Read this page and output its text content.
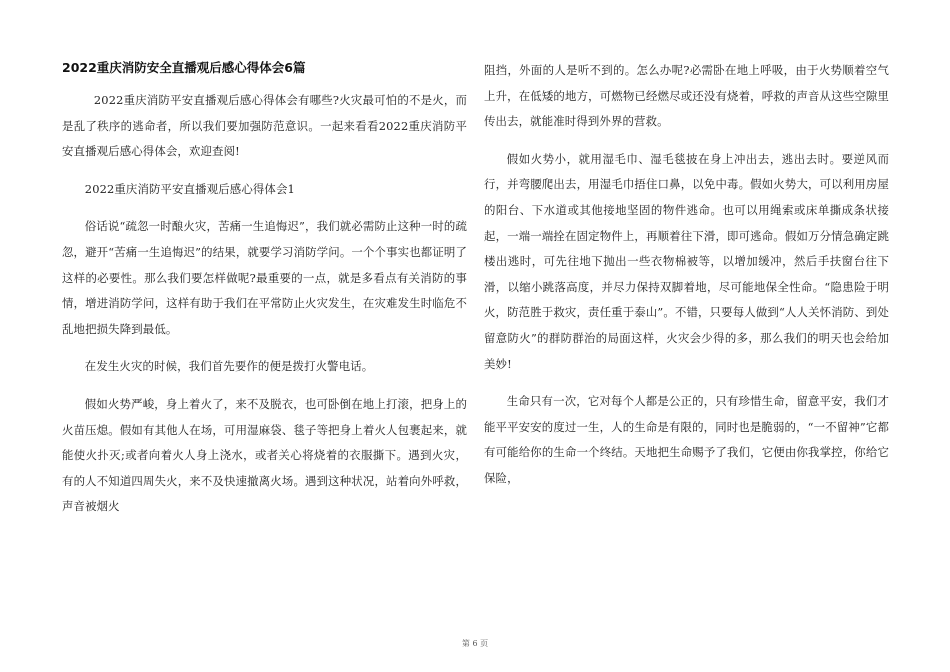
2022重庆消防安全直播观后感心得体会6篇

2022重庆消防平安直播观后感心得体会有哪些?火灾最可怕的不是火，而是乱了秩序的逃命者，所以我们要加强防范意识。一起来看看2022重庆消防平安直播观后感心得体会，欢迎查阅!

2022重庆消防平安直播观后感心得体会1

俗话说“疏忽一时酿火灾，苦痛一生追悔迟”，我们就必需防止这种一时的疏忽，避开“苦痛一生追悔迟”的结果，就要学习消防学问。一个个事实也都证明了这样的必要性。那么我们要怎样做呢?最重要的一点，就是多看点有关消防的事情，增进消防学问，这样有助于我们在平常防止火灾发生，在灾难发生时临危不乱地把损失降到最低。

在发生火灾的时候，我们首先要作的便是拨打火警电话。

假如火势严峻，身上着火了，来不及脱衣，也可卧倒在地上打滚，把身上的火苗压熄。假如有其他人在场，可用湿麻袋、毯子等把身上着火人包裹起来，就能使火扑灭;或者向着火人身上浇水，或者关心将烧着的衣服撕下。遇到火灾，有的人不知道四周失火，来不及快速撤离火场。遇到这种状况，站着向外呼救，声音被烟火

阻挡，外面的人是听不到的。怎么办呢?必需卧在地上呼吸，由于火势顺着空气上升，在低矮的地方，可燃物已经燃尽或还没有烧着，呼救的声音从这些空隙里传出去，就能准时得到外界的营救。

假如火势小，就用湿毛巾、湿毛毯披在身上冲出去，逃出去时。要逆风而行，并弯腰爬出去，用湿毛巾捂住口鼻，以免中毒。假如火势大，可以利用房屋的阳台、下水道或其他接地坚固的物件逃命。也可以用绳索或床单撕成条状接起，一端一端拴在固定物件上，再顺着往下滑，即可逃命。假如万分情急确定跳楼出逃时，可先往地下抛出一些衣物棉被等，以增加缓冲，然后手扶窗台往下滑，以缩小跳落高度，并尽力保持双脚着地，尽可能地保全性命。“隐患险于明火，防范胜于救灾，责任重于泰山”。不错，只要每人做到“人人关怀消防、到处留意防火”的群防群治的局面这样，火灾会少得的多，那么我们的明天也会给加美妙!

生命只有一次，它对每个人都是公正的，只有珍惜生命，留意平安，我们才能平平安安的度过一生，人的生命是有限的，同时也是脆弱的，“一不留神”它都有可能给你的生命一个终结。天地把生命赐予了我们，它便由你我掌控，你给它保险，

第 6 页
